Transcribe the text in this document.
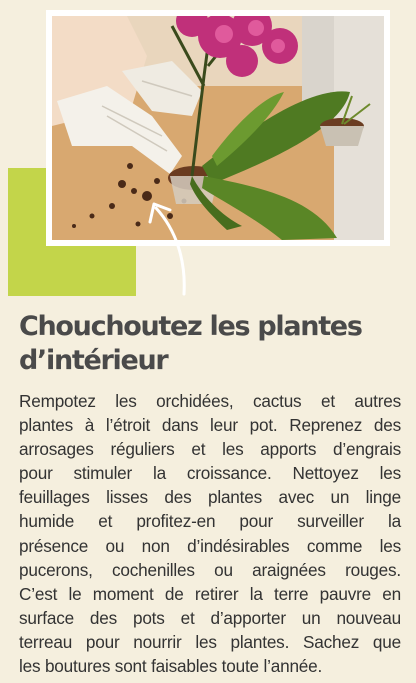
Chouchoutez les plantes
d’intérieur
Rempotez les orchidées, cactus et autres
plantes à l’étroit dans leur pot. Reprenez des
arrosages réguliers et les apports d’engrais
pour stimuler la croissance. Nettoyez les
feuillages lisses des plantes avec un linge
humide et profitez-en pour surveiller la
présence ou non d’indésirables comme les
pucerons, cochenilles ou araignées rouges.
C’est le moment de retirer la terre pauvre en
surface des pots et d’apporter un nouveau
terreau pour nourrir les plantes. Sachez que
les boutures sont faisables toute l’année.
